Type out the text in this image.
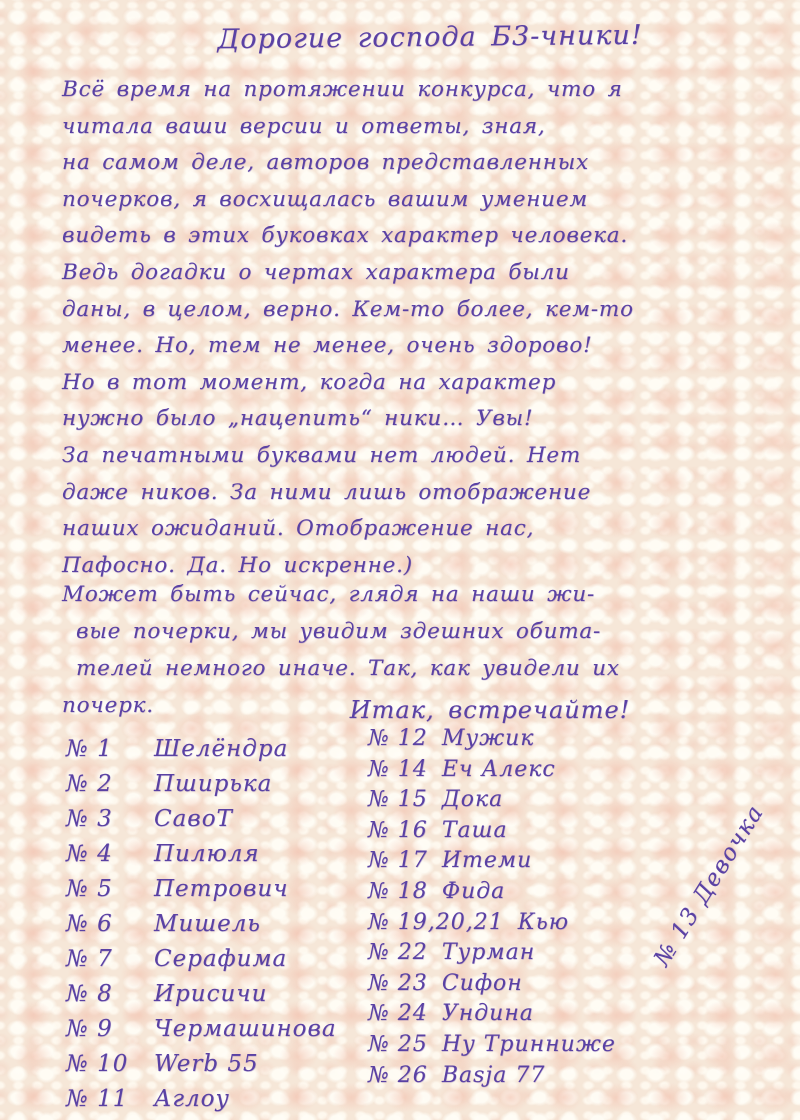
Дорогие господа Б3-чники!
Всё время на протяжении конкурса, что я
читала ваши версии и ответы, зная,
на самом деле, авторов представленных
почерков, я восхищалась вашим умением
видеть в этих буковках характер человека.
Ведь догадки о чертах характера были
даны, в целом, верно. Кем-то более, кем-то
менее. Но, тем не менее, очень здорово!
Но в тот момент, когда на характер
нужно было „нацепить“ ники… Увы!
За печатными буквами нет людей. Нет
даже ников. За ними лишь отображение
наших ожиданий. Отображение нас,
Пафосно. Да. Но искренне.)
Может быть сейчас, глядя на наши жи-
вые почерки, мы увидим здешних обита-
телей немного иначе. Так, как увидели их
почерк.	Итак, встречайте!
№ 1	Шелёндра
№ 2	Пширька
№ 3	СавоТ
№ 4	Пилюля
№ 5	Петрович
№ 6	Мишель
№ 7	Серафима
№ 8	Ирисичи
№ 9	Чермашинова
№ 10	Werb 55
№ 11	Аглоу
№ 12 Мужик
№ 14 Еч Алекс
№ 15 Дока
№ 16 Таша
№ 17 Итеми
№ 18 Фида
№ 19,20,21 Кью
№ 22 Турман
№ 23 Сифон
№ 24 Ундина
№ 25 Ну Тринниже
№ 26 Basja 77
№ 13 Девочка
